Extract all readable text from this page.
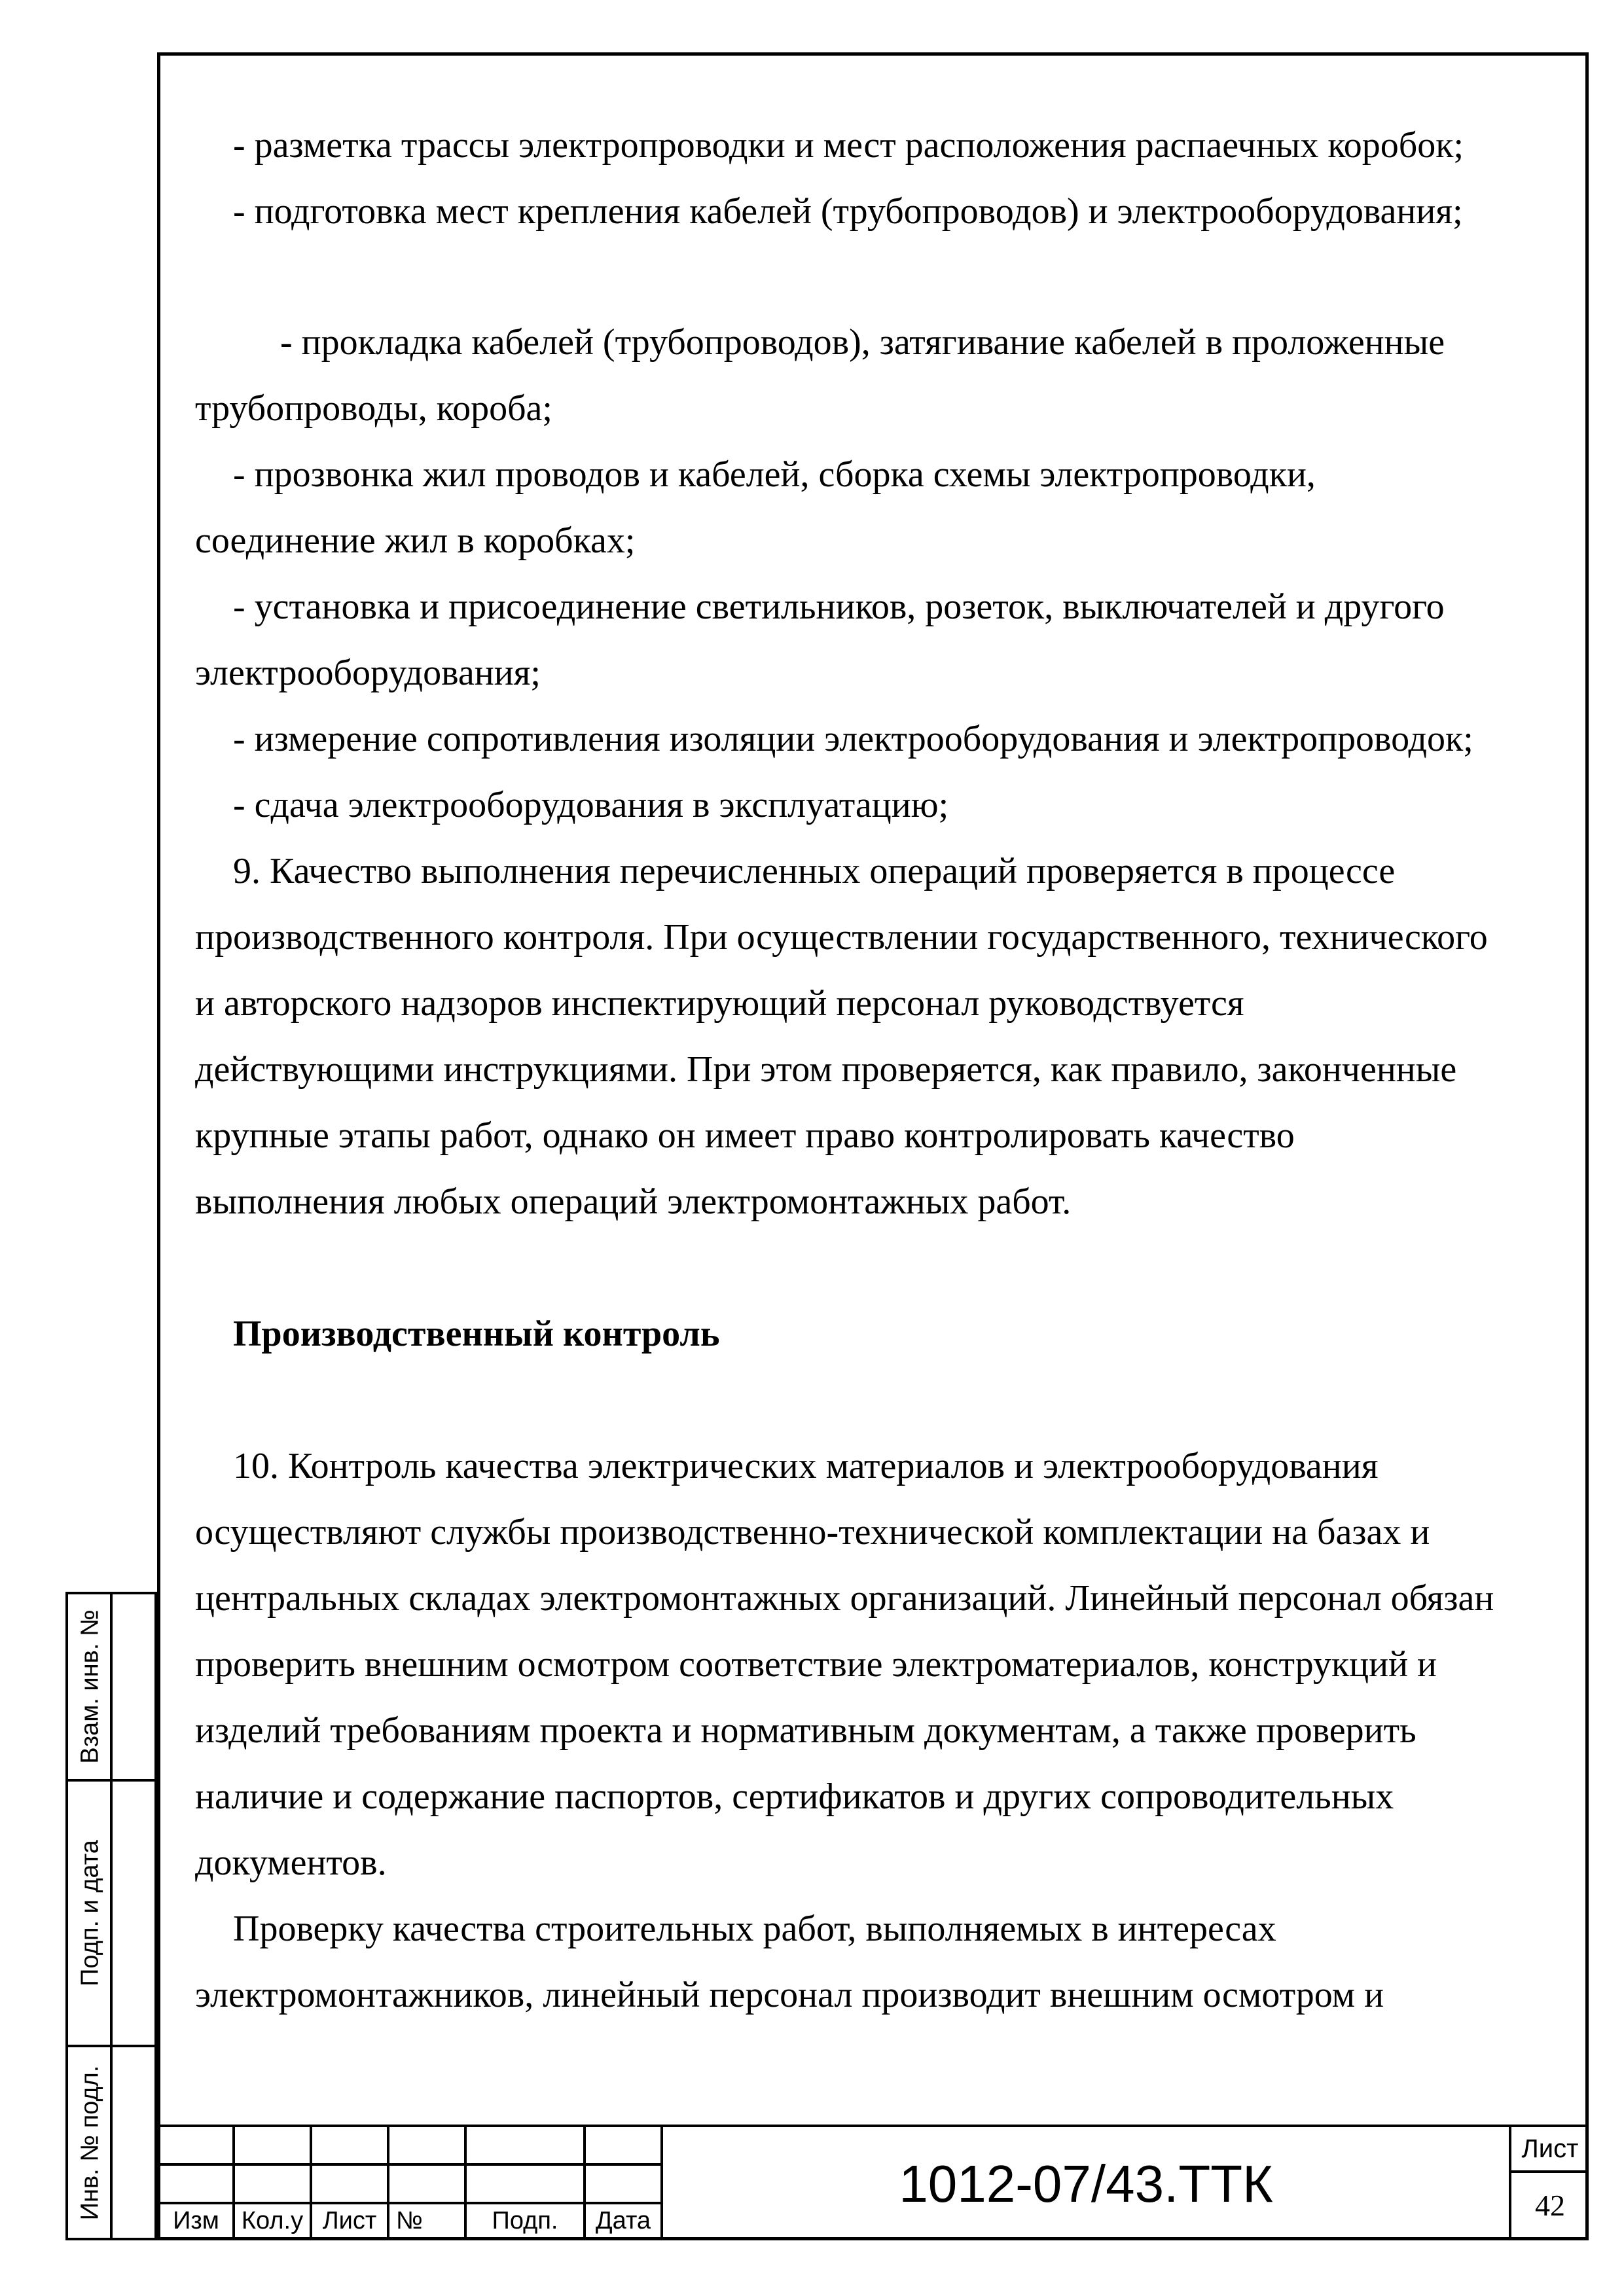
- разметка трассы электропроводки и мест расположения распаечных коробок;
- подготовка мест крепления кабелей (трубопроводов) и электрооборудования;
- прокладка кабелей (трубопроводов), затягивание кабелей в проложенные
трубопроводы, короба;
- прозвонка жил проводов и кабелей, сборка схемы электропроводки,
соединение жил в коробках;
- установка и присоединение светильников, розеток, выключателей и другого
электрооборудования;
- измерение сопротивления изоляции электрооборудования и электропроводок;
- сдача электрооборудования в эксплуатацию;
9. Качество выполнения перечисленных операций проверяется в процессе
производственного контроля. При осуществлении государственного, технического
и авторского надзоров инспектирующий персонал руководствуется
действующими инструкциями. При этом проверяется, как правило, законченные
крупные этапы работ, однако он имеет право контролировать качество
выполнения любых операций электромонтажных работ.
Производственный контроль
10. Контроль качества электрических материалов и электрооборудования
осуществляют службы производственно-технической комплектации на базах и
центральных складах электромонтажных организаций. Линейный персонал обязан
проверить внешним осмотром соответствие электроматериалов, конструкций и
изделий требованиям проекта и нормативным документам, а также проверить
наличие и содержание паспортов, сертификатов и других сопроводительных
документов.
Проверку качества строительных работ, выполняемых в интересах
электромонтажников, линейный персонал производит внешним осмотром и
Взам. инв. №
Подп. и дата
Инв. № подл.
Изм Кол.у Лист №	Подп.	Дата
1012-07/43.ТТК
Лист
42
